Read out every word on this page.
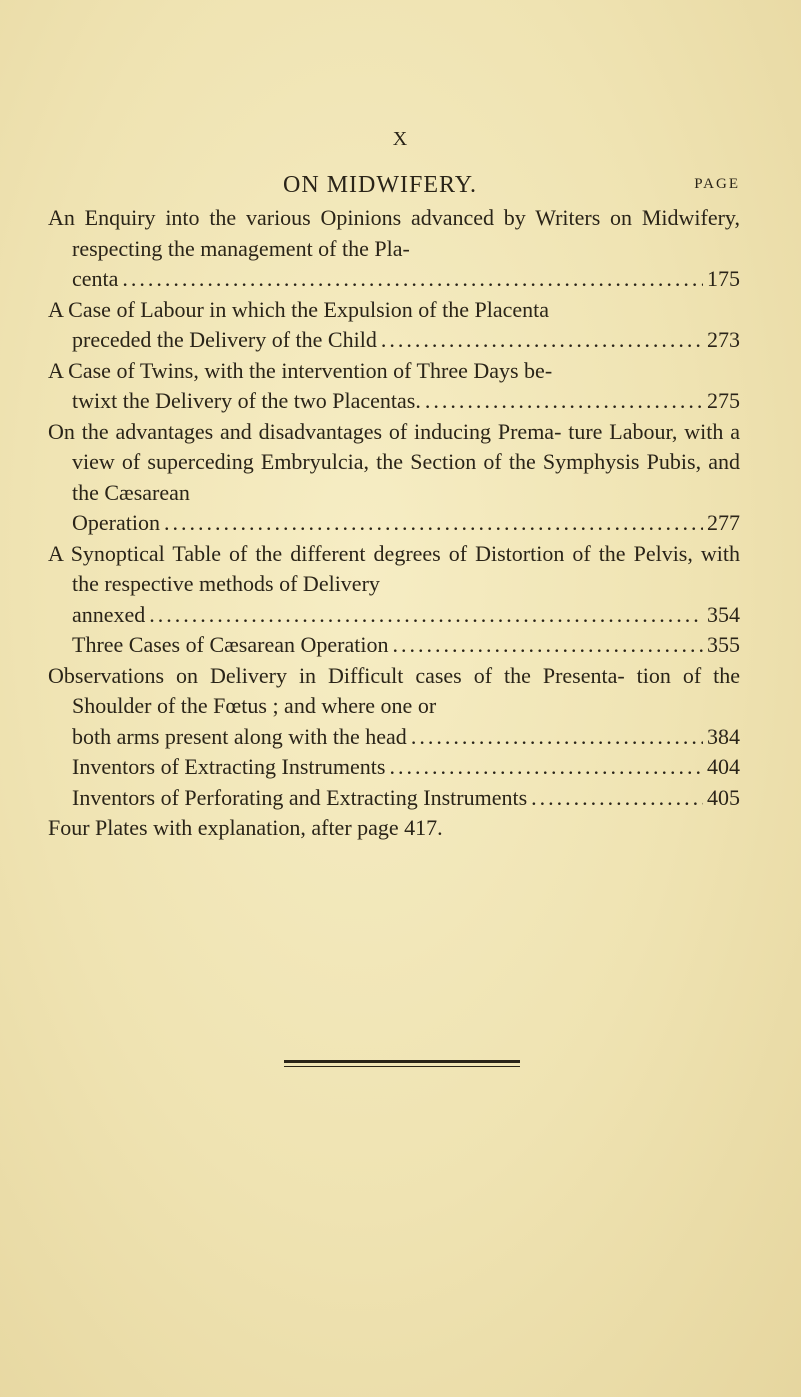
X
ON MIDWIFERY.	PAGE
An Enquiry into the various Opinions advanced by Writers on Midwifery, respecting the management of the Pla-
centa .....	175
A Case of Labour in which the Expulsion of the Placenta
preceded the Delivery of the Child .....	273
A Case of Twins, with the intervention of Three Days be-
twixt the Delivery of the two Placentas. .....	275
On the advantages and disadvantages of inducing Prema- ture Labour, with a view of superceding Embryulcia, the Section of the Symphysis Pubis, and the Cæsarean
Operation .....	277
A Synoptical Table of the different degrees of Distortion of the Pelvis, with the respective methods of Delivery
annexed .....	354
Three Cases of Cæsarean Operation .....	355
Observations on Delivery in Difficult cases of the Presenta- tion of the Shoulder of the Fœtus ; and where one or
both arms present along with the head .....	384
Inventors of Extracting Instruments .....	404
Inventors of Perforating and Extracting Instruments .....	405
Four Plates with explanation, after page 417.
